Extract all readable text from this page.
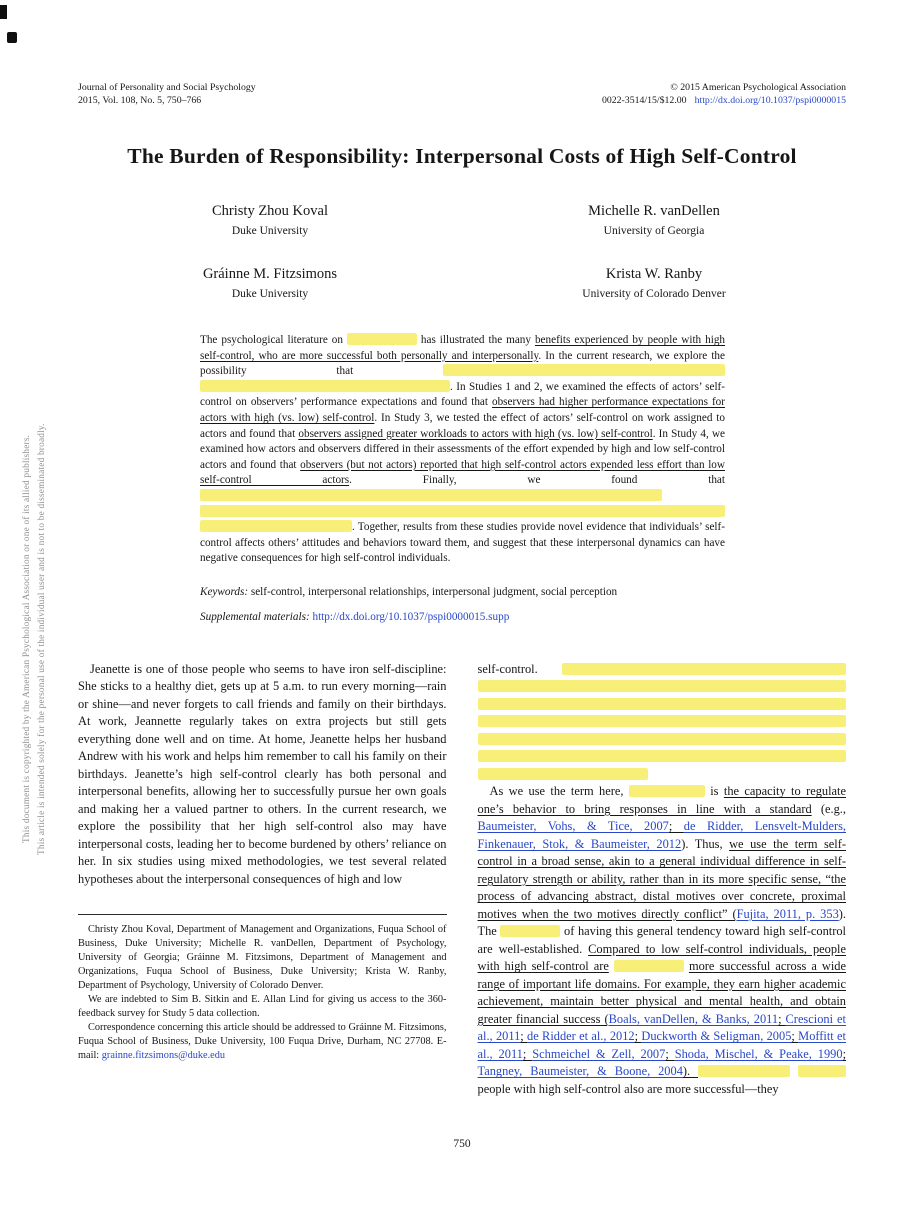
This document is copyrighted by the American Psychological Association or one of its allied publishers. This article is intended solely for the personal use of the individual user and is not to be disseminated broadly.
Journal of Personality and Social Psychology
2015, Vol. 108, No. 5, 750–766
© 2015 American Psychological Association
0022-3514/15/$12.00 http://dx.doi.org/10.1037/pspi0000015
The Burden of Responsibility: Interpersonal Costs of High Self-Control
Christy Zhou Koval
Duke University
Michelle R. vanDellen
University of Georgia
Gráinne M. Fitzsimons
Duke University
Krista W. Ranby
University of Colorado Denver
The psychological literature on	has illustrated the many benefits experienced by people with high self-control, who are more successful both personally and interpersonally. In the current research, we explore the possibility that  . In Studies 1 and 2, we examined the effects of actors’ self-control on observers’ performance expectations and found that observers had higher performance expectations for actors with high (vs. low) self-control. In Study 3, we tested the effect of actors’ self-control on work assigned to actors and found that observers assigned greater workloads to actors with high (vs. low) self-control. In Study 4, we examined how actors and observers differed in their assessments of the effort expended by high and low self-control actors and found that observers (but not actors) reported that high self-control actors expended less effort than low self-control actors. Finally, we found that  . Together, results from these studies provide novel evidence that individuals’ self-control affects others’ attitudes and behaviors toward them, and suggest that these interpersonal dynamics can have negative consequences for high self-control individuals.
Keywords: self-control, interpersonal relationships, interpersonal judgment, social perception
Supplemental materials: http://dx.doi.org/10.1037/pspi0000015.supp

Jeanette is one of those people who seems to have iron self-discipline: She sticks to a healthy diet, gets up at 5 a.m. to run every morning—rain or shine—and never forgets to call friends and family on their birthdays. At work, Jeannette regularly takes on extra projects but still gets everything done well and on time. At home, Jeanette helps her husband Andrew with his work and helps him remember to call his family on their birthdays. Jeanette’s high self-control clearly has both personal and interpersonal benefits, allowing her to successfully pursue her own goals and making her a valued partner to others. In the current research, we explore the possibility that her high self-control also may have interpersonal costs, leading her to become burdened by others’ reliance on her. In six studies using mixed methodologies, we test several related hypotheses about the interpersonal consequences of high and low

Christy Zhou Koval, Department of Management and Organizations, Fuqua School of Business, Duke University; Michelle R. vanDellen, Department of Psychology, University of Georgia; Gráinne M. Fitzsimons, Department of Management and Organizations, Fuqua School of Business, Duke University; Krista W. Ranby, Department of Psychology, University of Colorado Denver.

We are indebted to Sim B. Sitkin and E. Allan Lind for giving us access to the 360-feedback survey for Study 5 data collection.

Correspondence concerning this article should be addressed to Gráinne M. Fitzsimons, Fuqua School of Business, Duke University, 100 Fuqua Drive, Durham, NC 27708. E-mail: grainne.fitzsimons@duke.edu

self-control.

As we use the term here,	is the capacity to regulate one’s behavior to bring responses in line with a standard (e.g., Baumeister, Vohs, & Tice, 2007; de Ridder, Lensvelt-Mulders, Finkenauer, Stok, & Baumeister, 2012). Thus, we use the term self-control in a broad sense, akin to a general individual difference in self-regulatory strength or ability, rather than in its more specific sense, “the process of advancing abstract, distal motives over concrete, proximal motives when the two motives directly conflict” (Fujita, 2011, p. 353). The	of having this general tendency toward high self-control are well-established. Compared to low self-control individuals, people with high self-control are	more successful across a wide range of important life domains. For example, they earn higher academic achievement, maintain better physical and mental health, and obtain greater financial success (Boals, vanDellen, & Banks, 2011; Crescioni et al., 2011; de Ridder et al., 2012; Duckworth & Seligman, 2005; Moffitt et al., 2011; Schmeichel & Zell, 2007; Shoda, Mischel, & Peake, 1990; Tangney, Baumeister, & Boone, 2004).   people with high self-control also are more successful—they

750
